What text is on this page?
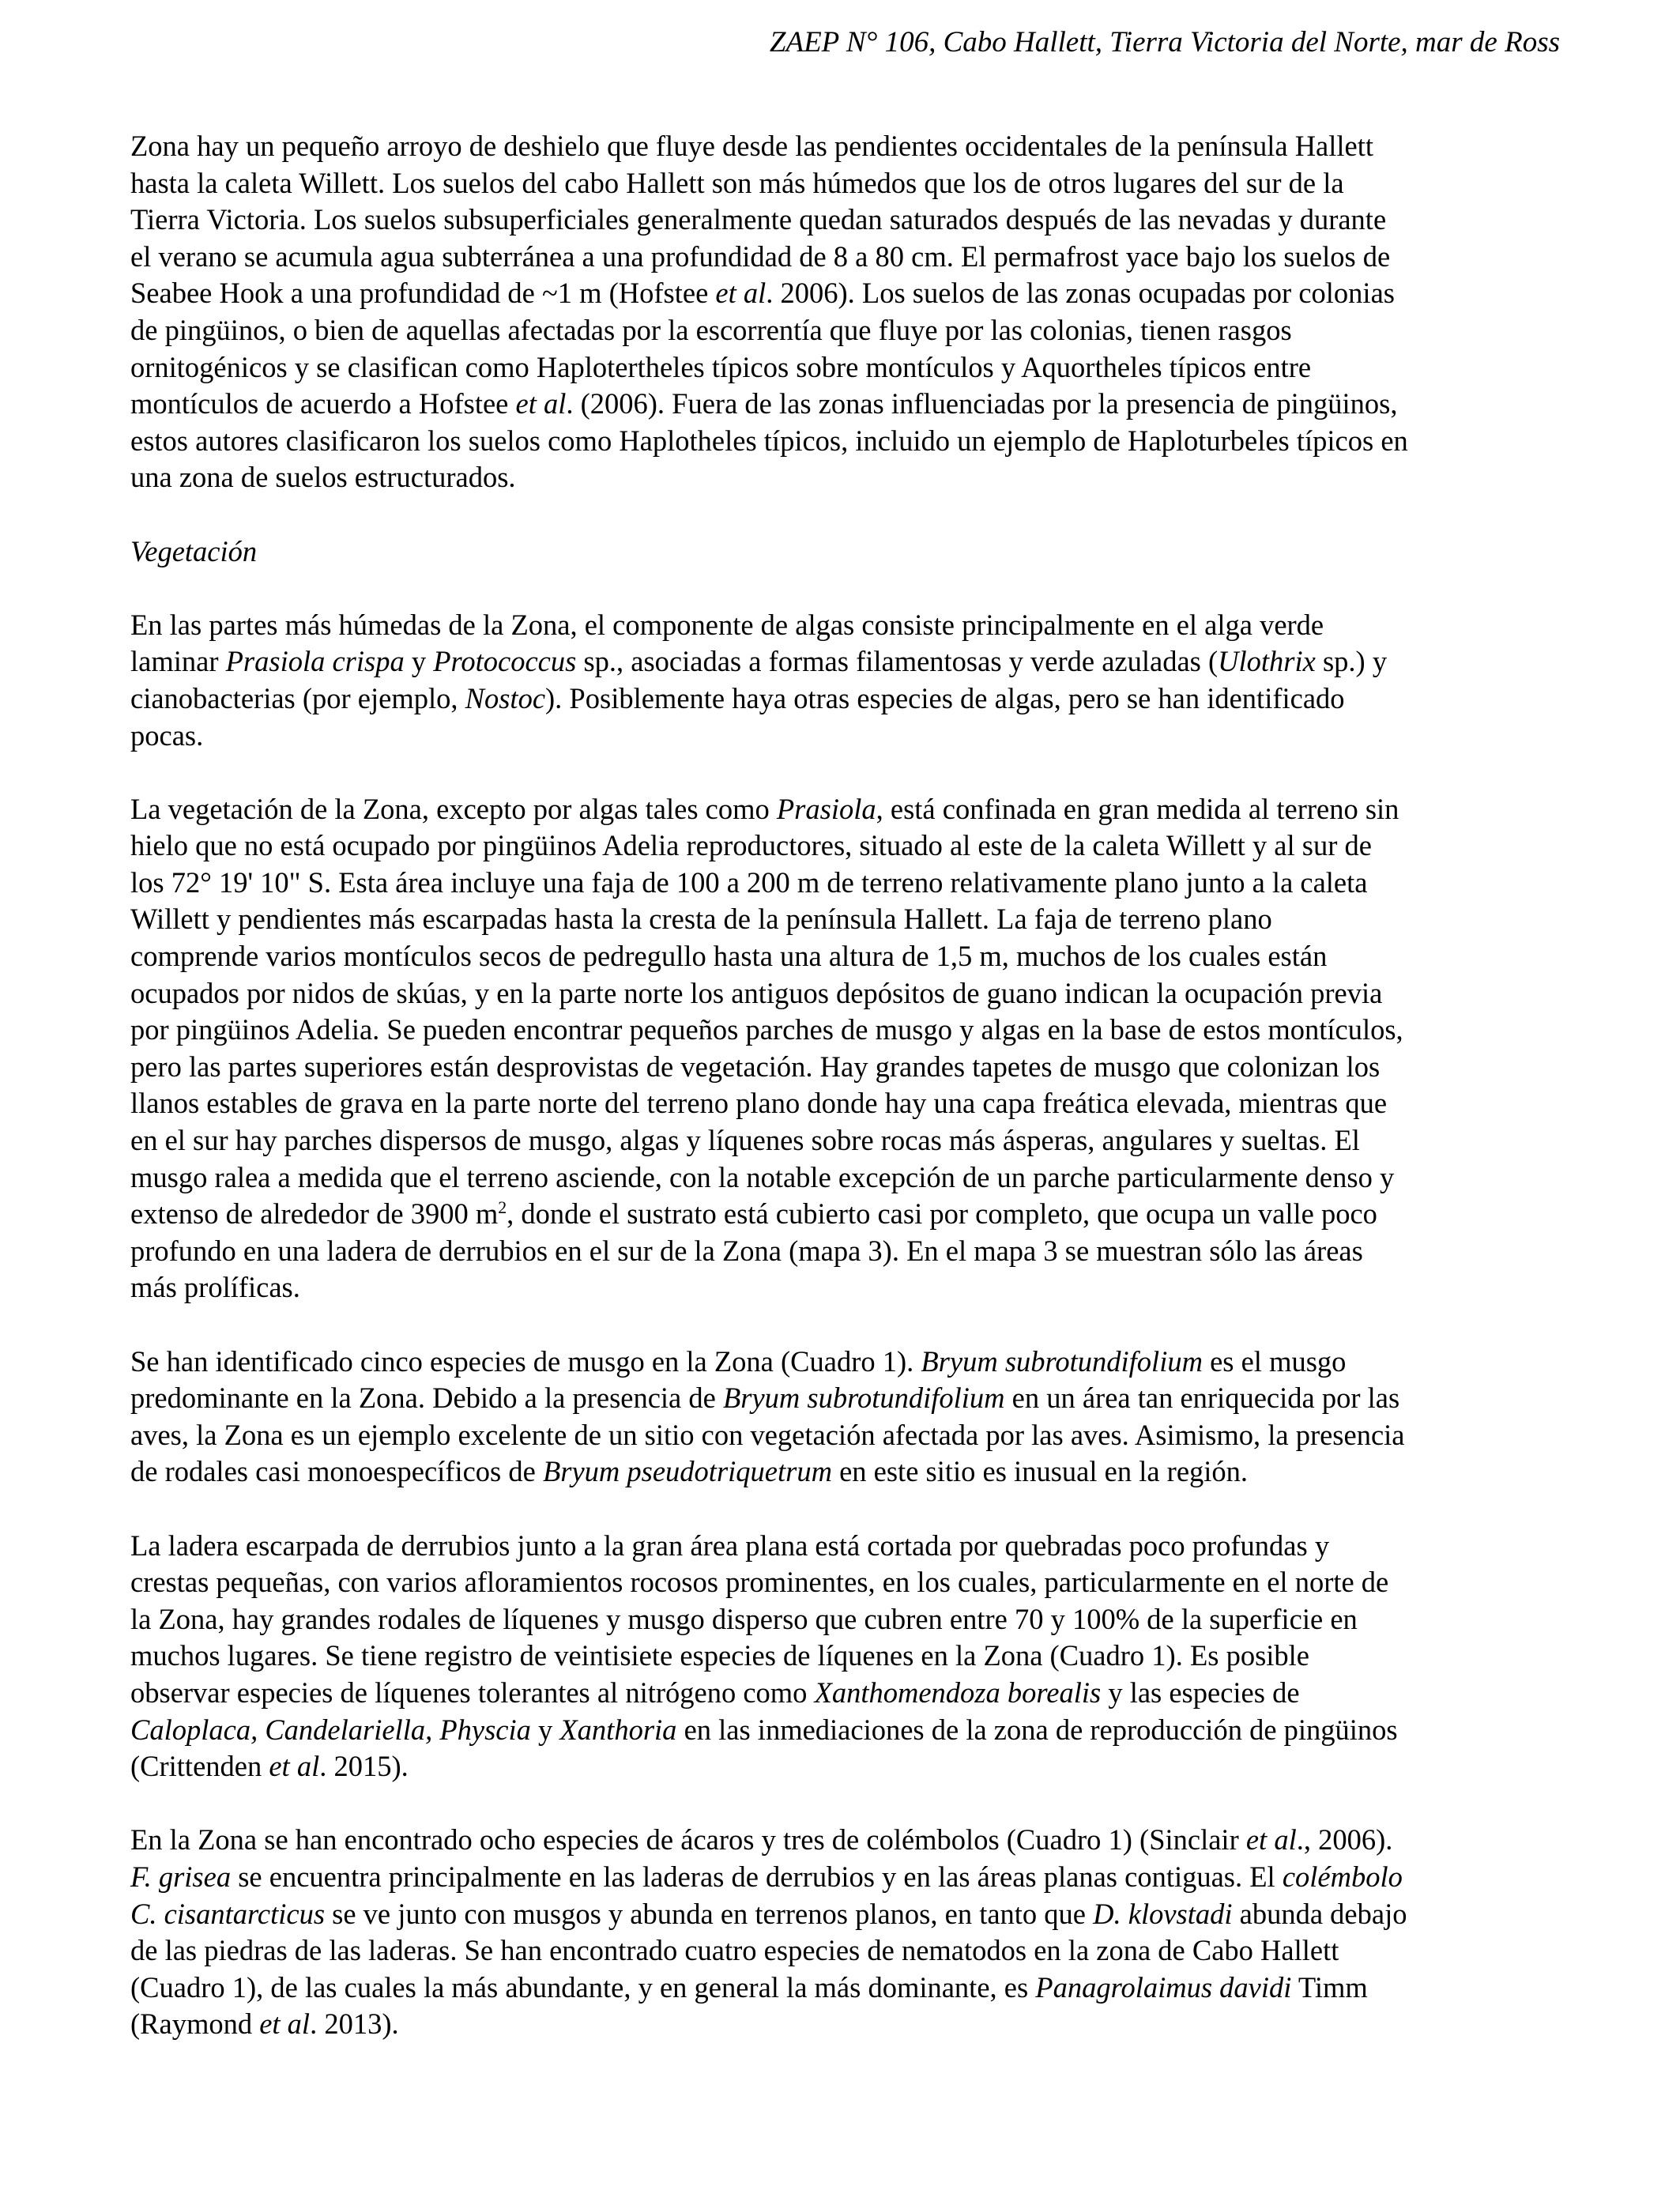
ZAEP N° 106, Cabo Hallett, Tierra Victoria del Norte, mar de Ross

Zona hay un pequeño arroyo de deshielo que fluye desde las pendientes occidentales de la península Hallett
hasta la caleta Willett. Los suelos del cabo Hallett son más húmedos que los de otros lugares del sur de la
Tierra Victoria. Los suelos subsuperficiales generalmente quedan saturados después de las nevadas y durante
el verano se acumula agua subterránea a una profundidad de 8 a 80 cm. El permafrost yace bajo los suelos de
Seabee Hook a una profundidad de ~1 m (Hofstee et al. 2006). Los suelos de las zonas ocupadas por colonias
de pingüinos, o bien de aquellas afectadas por la escorrentía que fluye por las colonias, tienen rasgos
ornitogénicos y se clasifican como Haplotertheles típicos sobre montículos y Aquortheles típicos entre
montículos de acuerdo a Hofstee et al. (2006). Fuera de las zonas influenciadas por la presencia de pingüinos,
estos autores clasificaron los suelos como Haplotheles típicos, incluido un ejemplo de Haploturbeles típicos en
una zona de suelos estructurados.

Vegetación

En las partes más húmedas de la Zona, el componente de algas consiste principalmente en el alga verde
laminar Prasiola crispa y Protococcus sp., asociadas a formas filamentosas y verde azuladas (Ulothrix sp.) y
cianobacterias (por ejemplo, Nostoc). Posiblemente haya otras especies de algas, pero se han identificado
pocas.

La vegetación de la Zona, excepto por algas tales como Prasiola, está confinada en gran medida al terreno sin
hielo que no está ocupado por pingüinos Adelia reproductores, situado al este de la caleta Willett y al sur de
los 72° 19' 10" S. Esta área incluye una faja de 100 a 200 m de terreno relativamente plano junto a la caleta
Willett y pendientes más escarpadas hasta la cresta de la península Hallett. La faja de terreno plano
comprende varios montículos secos de pedregullo hasta una altura de 1,5 m, muchos de los cuales están
ocupados por nidos de skúas, y en la parte norte los antiguos depósitos de guano indican la ocupación previa
por pingüinos Adelia. Se pueden encontrar pequeños parches de musgo y algas en la base de estos montículos,
pero las partes superiores están desprovistas de vegetación. Hay grandes tapetes de musgo que colonizan los
llanos estables de grava en la parte norte del terreno plano donde hay una capa freática elevada, mientras que
en el sur hay parches dispersos de musgo, algas y líquenes sobre rocas más ásperas, angulares y sueltas. El
musgo ralea a medida que el terreno asciende, con la notable excepción de un parche particularmente denso y
extenso de alrededor de 3900 $m^2$, donde el sustrato está cubierto casi por completo, que ocupa un valle poco
profundo en una ladera de derrubios en el sur de la Zona (mapa 3). En el mapa 3 se muestran sólo las áreas
más prolíficas.

Se han identificado cinco especies de musgo en la Zona (Cuadro 1). Bryum subrotundifolium es el musgo
predominante en la Zona. Debido a la presencia de Bryum subrotundifolium en un área tan enriquecida por las
aves, la Zona es un ejemplo excelente de un sitio con vegetación afectada por las aves. Asimismo, la presencia
de rodales casi monoespecíficos de Bryum pseudotriquetrum en este sitio es inusual en la región.

La ladera escarpada de derrubios junto a la gran área plana está cortada por quebradas poco profundas y
crestas pequeñas, con varios afloramientos rocosos prominentes, en los cuales, particularmente en el norte de
la Zona, hay grandes rodales de líquenes y musgo disperso que cubren entre 70 y 100% de la superficie en
muchos lugares. Se tiene registro de veintisiete especies de líquenes en la Zona (Cuadro 1). Es posible
observar especies de líquenes tolerantes al nitrógeno como Xanthomendoza borealis y las especies de
Caloplaca, Candelariella, Physcia y Xanthoria en las inmediaciones de la zona de reproducción de pingüinos
(Crittenden et al. 2015).

En la Zona se han encontrado ocho especies de ácaros y tres de colémbolos (Cuadro 1) (Sinclair et al., 2006).
F. grisea se encuentra principalmente en las laderas de derrubios y en las áreas planas contiguas. El colémbolo
C. cisantarcticus se ve junto con musgos y abunda en terrenos planos, en tanto que D. klovstadi abunda debajo
de las piedras de las laderas. Se han encontrado cuatro especies de nematodos en la zona de Cabo Hallett
(Cuadro 1), de las cuales la más abundante, y en general la más dominante, es Panagrolaimus davidi Timm
(Raymond et al. 2013).
